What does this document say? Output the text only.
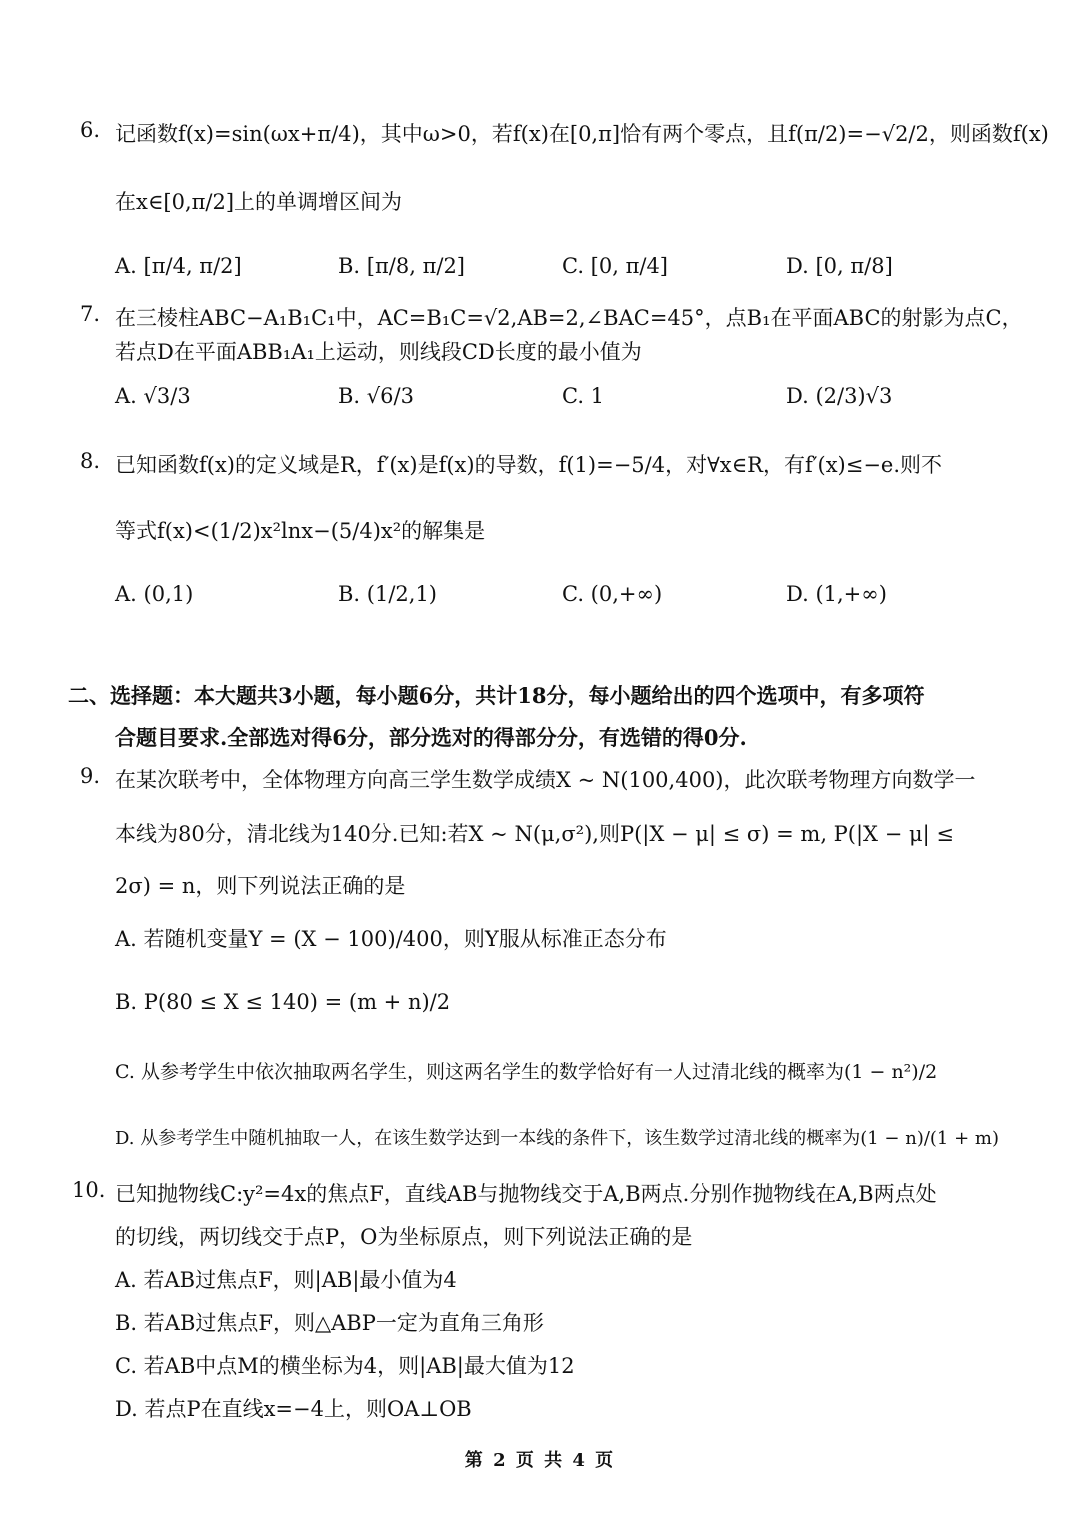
6. 记函数f(x)=sin(ωx+π/4)，其中ω>0，若f(x)在[0,π]恰有两个零点，且f(π/2)=−√2/2，则函数f(x)
在x∈[0,π/2]上的单调增区间为
A. [π/4, π/2]	B. [π/8, π/2]	C. [0, π/4]	D. [0, π/8]
7. 在三棱柱ABC−A₁B₁C₁中，AC=B₁C=√2,AB=2,∠BAC=45°，点B₁在平面ABC的射影为点C，
若点D在平面ABB₁A₁上运动，则线段CD长度的最小值为
A. √3/3	B. √6/3	C. 1	D. (2/3)√3
8. 已知函数f(x)的定义域是R，f′(x)是f(x)的导数，f(1)=−5/4，对∀x∈R，有f′(x)≤−e.则不
等式f(x)<(1/2)x²lnx−(5/4)x²的解集是
A. (0,1)	B. (1/2,1)	C. (0,+∞)	D. (1,+∞)
二、选择题：本大题共3小题，每小题6分，共计18分，每小题给出的四个选项中，有多项符
合题目要求.全部选对得6分，部分选对的得部分分，有选错的得0分.
9. 在某次联考中，全体物理方向高三学生数学成绩X ~ N(100,400)，此次联考物理方向数学一
本线为80分，清北线为140分.已知:若X ~ N(μ,σ²),则P(|X − μ| ≤ σ) = m, P(|X − μ| ≤
2σ) = n，则下列说法正确的是
A. 若随机变量Y = (X − 100)/400，则Y服从标准正态分布
B. P(80 ≤ X ≤ 140) = (m + n)/2
C. 从参考学生中依次抽取两名学生，则这两名学生的数学恰好有一人过清北线的概率为(1 − n²)/2
D. 从参考学生中随机抽取一人，在该生数学达到一本线的条件下，该生数学过清北线的概率为(1 − n)/(1 + m)
10. 已知抛物线C:y²=4x的焦点F，直线AB与抛物线交于A,B两点.分别作抛物线在A,B两点处
的切线，两切线交于点P，O为坐标原点，则下列说法正确的是
A. 若AB过焦点F，则|AB|最小值为4
B. 若AB过焦点F，则△ABP一定为直角三角形
C. 若AB中点M的横坐标为4，则|AB|最大值为12
D. 若点P在直线x=−4上，则OA⊥OB
第 2 页 共 4 页
